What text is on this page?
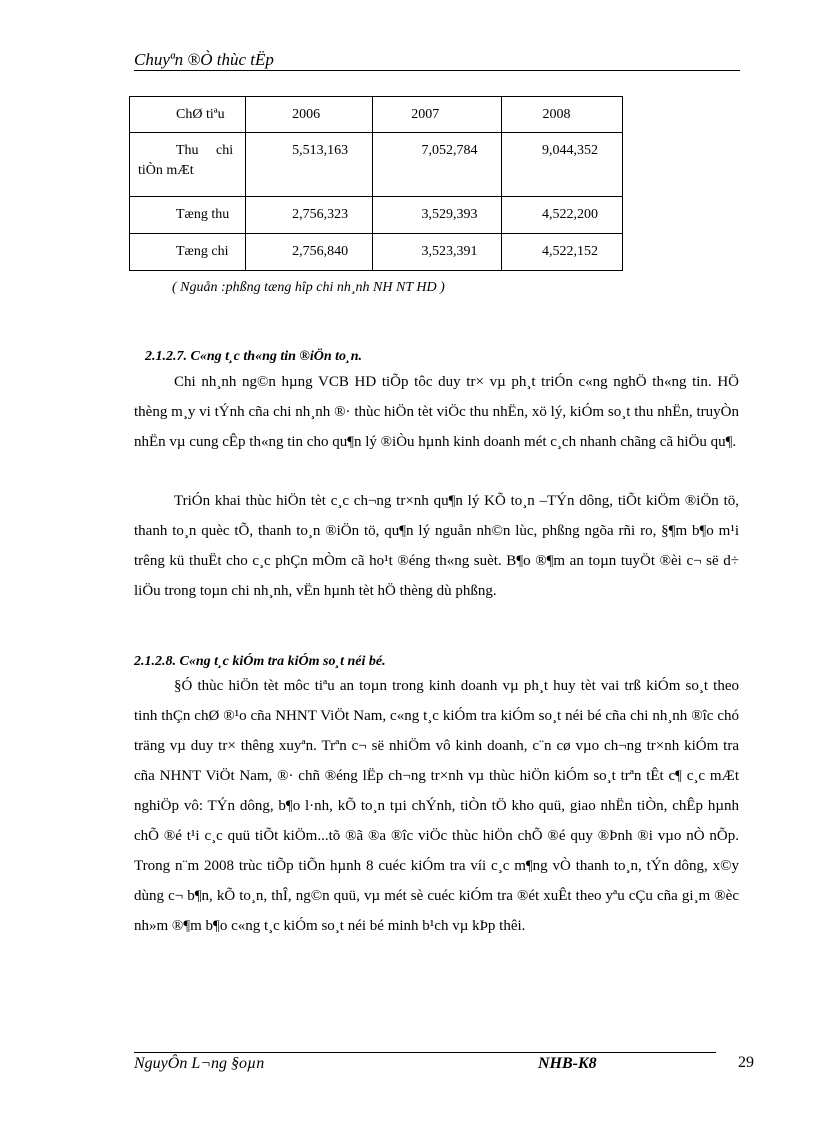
Chuyªn ®Ò thùc tËp
ChØ tiªu	2006	2007	2008

Thu chi
tiÒn mÆt	5,513,163	7,052,784	9,044,352
Tæng thu	2,756,323	3,529,393	4,522,200
Tæng chi	2,756,840	3,523,391	4,522,152
( Nguån :phßng tæng hîp chi nh¸nh NH NT HD )
2.1.2.7. C«ng t¸c th«ng tin ®iÖn to¸n.
Chi nh¸nh ng©n hµng VCB HD tiÕp tôc duy tr× vµ ph¸t triÓn c«ng nghÖ th«ng tin. HÖ thèng m¸y vi tÝnh cña chi nh¸nh ®· thùc hiÖn tèt viÖc thu nhËn, xö lý, kiÓm so¸t thu nhËn, truyÒn nhËn vµ cung cÊp th«ng tin cho qu¶n lý ®iÒu hµnh kinh doanh mét c¸ch nhanh chãng cã hiÖu qu¶.
TriÓn khai thùc hiÖn tèt c¸c ch¬ng tr×nh qu¶n lý KÕ to¸n –TÝn dông, tiÕt kiÖm ®iÖn tö, thanh to¸n quèc tÕ, thanh to¸n ®iÖn tö, qu¶n lý nguån nh©n lùc, phßng ngõa rñi ro, §¶m b¶o m¹i trêng kü thuËt cho c¸c phÇn mÒm cã ho¹t ®éng th«ng suèt. B¶o ®¶m an toµn tuyÖt ®èi c¬ së d÷ liÖu trong toµn chi nh¸nh, vËn hµnh tèt hÖ thèng dù phßng.
2.1.2.8. C«ng t¸c kiÓm tra kiÓm so¸t néi bé.
§Ó thùc hiÖn tèt môc tiªu an toµn trong kinh doanh vµ ph¸t huy tèt vai trß kiÓm so¸t theo tinh thÇn chØ ®¹o cña NHNT ViÖt Nam, c«ng t¸c kiÓm tra kiÓm so¸t néi bé cña chi nh¸nh ®îc chó träng vµ duy tr× thêng xuyªn. Trªn c¬ së nhiÖm vô kinh doanh, c¨n cø vµo ch¬ng tr×nh kiÓm tra cña NHNT ViÖt Nam, ®· chñ ®éng lËp ch¬ng tr×nh vµ thùc hiÖn kiÓm so¸t trªn tÊt c¶ c¸c mÆt nghiÖp vô: TÝn dông, b¶o l·nh, kÕ to¸n tµi chÝnh, tiÒn tÖ kho quü, giao nhËn tiÒn, chÊp hµnh chÕ ®é t¹i c¸c quü tiÕt kiÖm...tõ ®ã ®a ®îc viÖc thùc hiÖn chÕ ®é quy ®Þnh ®i vµo nÒ nÕp. Trong n¨m 2008 trùc tiÕp tiÕn hµnh 8 cuéc kiÓm tra víi c¸c m¶ng vÒ thanh to¸n, tÝn dông, x©y dùng c¬ b¶n, kÕ to¸n, thÎ, ng©n quü, vµ mét sè cuéc kiÓm tra ®ét xuÊt theo yªu cÇu cña gi¸m ®èc nh»m ®¶m b¶o c«ng t¸c kiÓm so¸t néi bé minh b¹ch vµ kÞp thêi.
NguyÔn L¬ng §oµn	NHB-K8	29
